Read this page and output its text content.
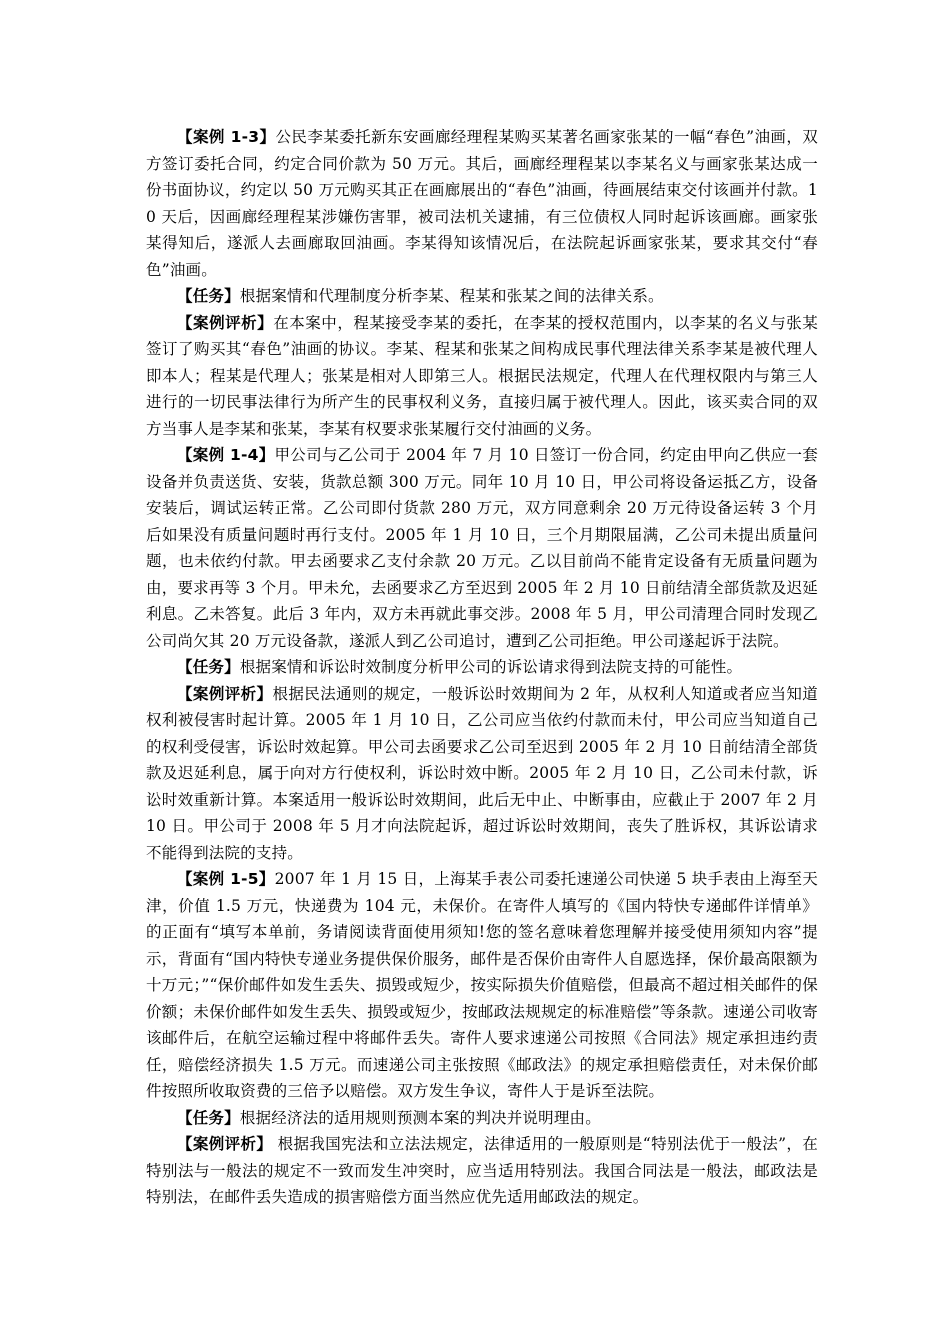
【案例 1-3】公民李某委托新东安画廊经理程某购买某著名画家张某的一幅“春色”油画，双方签订委托合同，约定合同价款为 50 万元。其后，画廊经理程某以李某名义与画家张某达成一份书面协议，约定以 50 万元购买其正在画廊展出的“春色”油画，待画展结束交付该画并付款。10 天后，因画廊经理程某涉嫌伤害罪，被司法机关逮捕，有三位债权人同时起诉该画廊。画家张某得知后，遂派人去画廊取回油画。李某得知该情况后，在法院起诉画家张某，要求其交付“春色”油画。

【任务】根据案情和代理制度分析李某、程某和张某之间的法律关系。

【案例评析】在本案中，程某接受李某的委托，在李某的授权范围内，以李某的名义与张某签订了购买其“春色”油画的协议。李某、程某和张某之间构成民事代理法律关系李某是被代理人即本人；程某是代理人；张某是相对人即第三人。根据民法规定，代理人在代理权限内与第三人进行的一切民事法律行为所产生的民事权利义务，直接归属于被代理人。因此，该买卖合同的双方当事人是李某和张某，李某有权要求张某履行交付油画的义务。

【案例 1-4】甲公司与乙公司于 2004 年 7 月 10 日签订一份合同，约定由甲向乙供应一套设备并负责送货、安装，货款总额 300 万元。同年 10 月 10 日，甲公司将设备运抵乙方，设备安装后，调试运转正常。乙公司即付货款 280 万元，双方同意剩余 20 万元待设备运转 3 个月后如果没有质量问题时再行支付。2005 年 1 月 10 日，三个月期限届满，乙公司未提出质量问题，也未依约付款。甲去函要求乙支付余款 20 万元。乙以目前尚不能肯定设备有无质量问题为由，要求再等 3 个月。甲未允，去函要求乙方至迟到 2005 年 2 月 10 日前结清全部货款及迟延利息。乙未答复。此后 3 年内，双方未再就此事交涉。2008 年 5 月，甲公司清理合同时发现乙公司尚欠其 20 万元设备款，遂派人到乙公司追讨，遭到乙公司拒绝。甲公司遂起诉于法院。

【任务】根据案情和诉讼时效制度分析甲公司的诉讼请求得到法院支持的可能性。

【案例评析】根据民法通则的规定，一般诉讼时效期间为 2 年，从权利人知道或者应当知道权利被侵害时起计算。2005 年 1 月 10 日，乙公司应当依约付款而未付，甲公司应当知道自己的权利受侵害，诉讼时效起算。甲公司去函要求乙公司至迟到 2005 年 2 月 10 日前结清全部货款及迟延利息，属于向对方行使权利，诉讼时效中断。2005 年 2 月 10 日，乙公司未付款，诉讼时效重新计算。本案适用一般诉讼时效期间，此后无中止、中断事由，应截止于 2007 年 2 月 10 日。甲公司于 2008 年 5 月才向法院起诉，超过诉讼时效期间，丧失了胜诉权，其诉讼请求不能得到法院的支持。

【案例 1-5】2007 年 1 月 15 日，上海某手表公司委托速递公司快递 5 块手表由上海至天津，价值 1.5 万元，快递费为 104 元，未保价。在寄件人填写的《国内特快专递邮件详情单》的正面有“填写本单前，务请阅读背面使用须知!您的签名意味着您理解并接受使用须知内容”提示，背面有“国内特快专递业务提供保价服务，邮件是否保价由寄件人自愿选择，保价最高限额为十万元；”“保价邮件如发生丢失、损毁或短少，按实际损失价值赔偿，但最高不超过相关邮件的保价额；未保价邮件如发生丢失、损毁或短少，按邮政法规规定的标准赔偿”等条款。速递公司收寄该邮件后，在航空运输过程中将邮件丢失。寄件人要求速递公司按照《合同法》规定承担违约责任，赔偿经济损失 1.5 万元。而速递公司主张按照《邮政法》的规定承担赔偿责任，对未保价邮件按照所收取资费的三倍予以赔偿。双方发生争议，寄件人于是诉至法院。

【任务】根据经济法的适用规则预测本案的判决并说明理由。

【案例评析】 根据我国宪法和立法法规定，法律适用的一般原则是“特别法优于一般法”，在特别法与一般法的规定不一致而发生冲突时，应当适用特别法。我国合同法是一般法，邮政法是特别法，在邮件丢失造成的损害赔偿方面当然应优先适用邮政法的规定。
